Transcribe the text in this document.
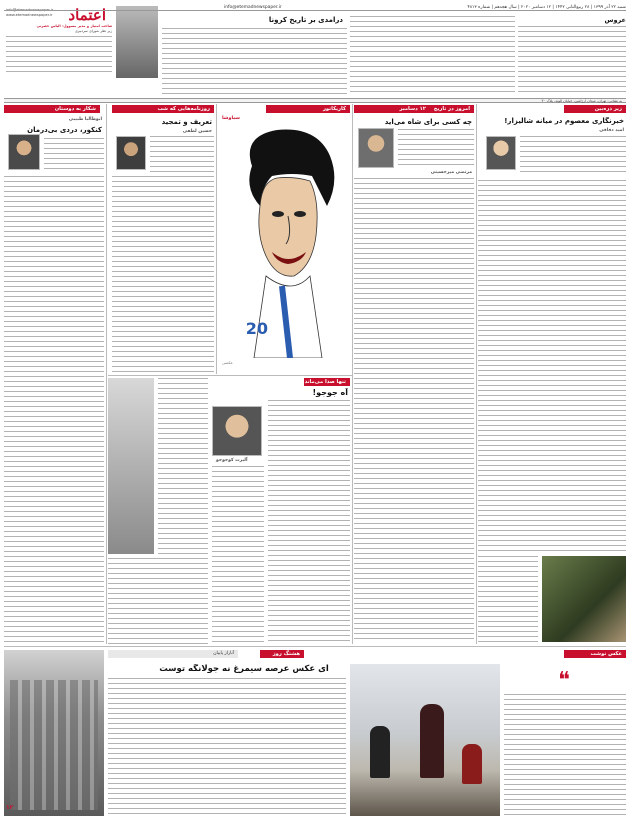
اعتماد
info@etemadnewspaper.ir
www.etemadnewspaper.ir
صاحب امتیاز و مدیر مسوول: الیاس حضرتی
زیر نظر شورای سردبیری
شنبه ۲۲ آذر ۱۳۹۹ | ۲۸ ربیع‌الثانی ۱۴۴۲ | ۱۲ دسامبر ۲۰۲۰ | سال هجدهم | شماره ۴۸۱۳
info@etemadnewspaper.ir
درآمدی بر تاریخ کرونا	عروس
به نشانی: تهران، میدان آرژانتین، خیابان الوند، پلاک ۳۰
شکار به دوستان	روزنامه‌هایی که شب	امروز در تاریخ ۱۲ دسامبر
کاریکاتور	زیر ذره‌بین
خبرنگاری معصوم در میانه شالیزار!
امید دقاقی
چه کسی برای شاه می‌آید
مرتضی میرحسینی
سیاوشا
20
عکسی
تعریف و تمجید
حسین لطفی
ابوطالبا طبیبی
کنکور، دردی بی‌درمان
تنها صدا می‌ماند
آه جوجو!
آلبرت کوجوجو
عکس نوشت
هشتگ روز
آناراز پاپیان
ای عکس عرصه سیمرغ نه جولانگه توست	❝
۱۲
